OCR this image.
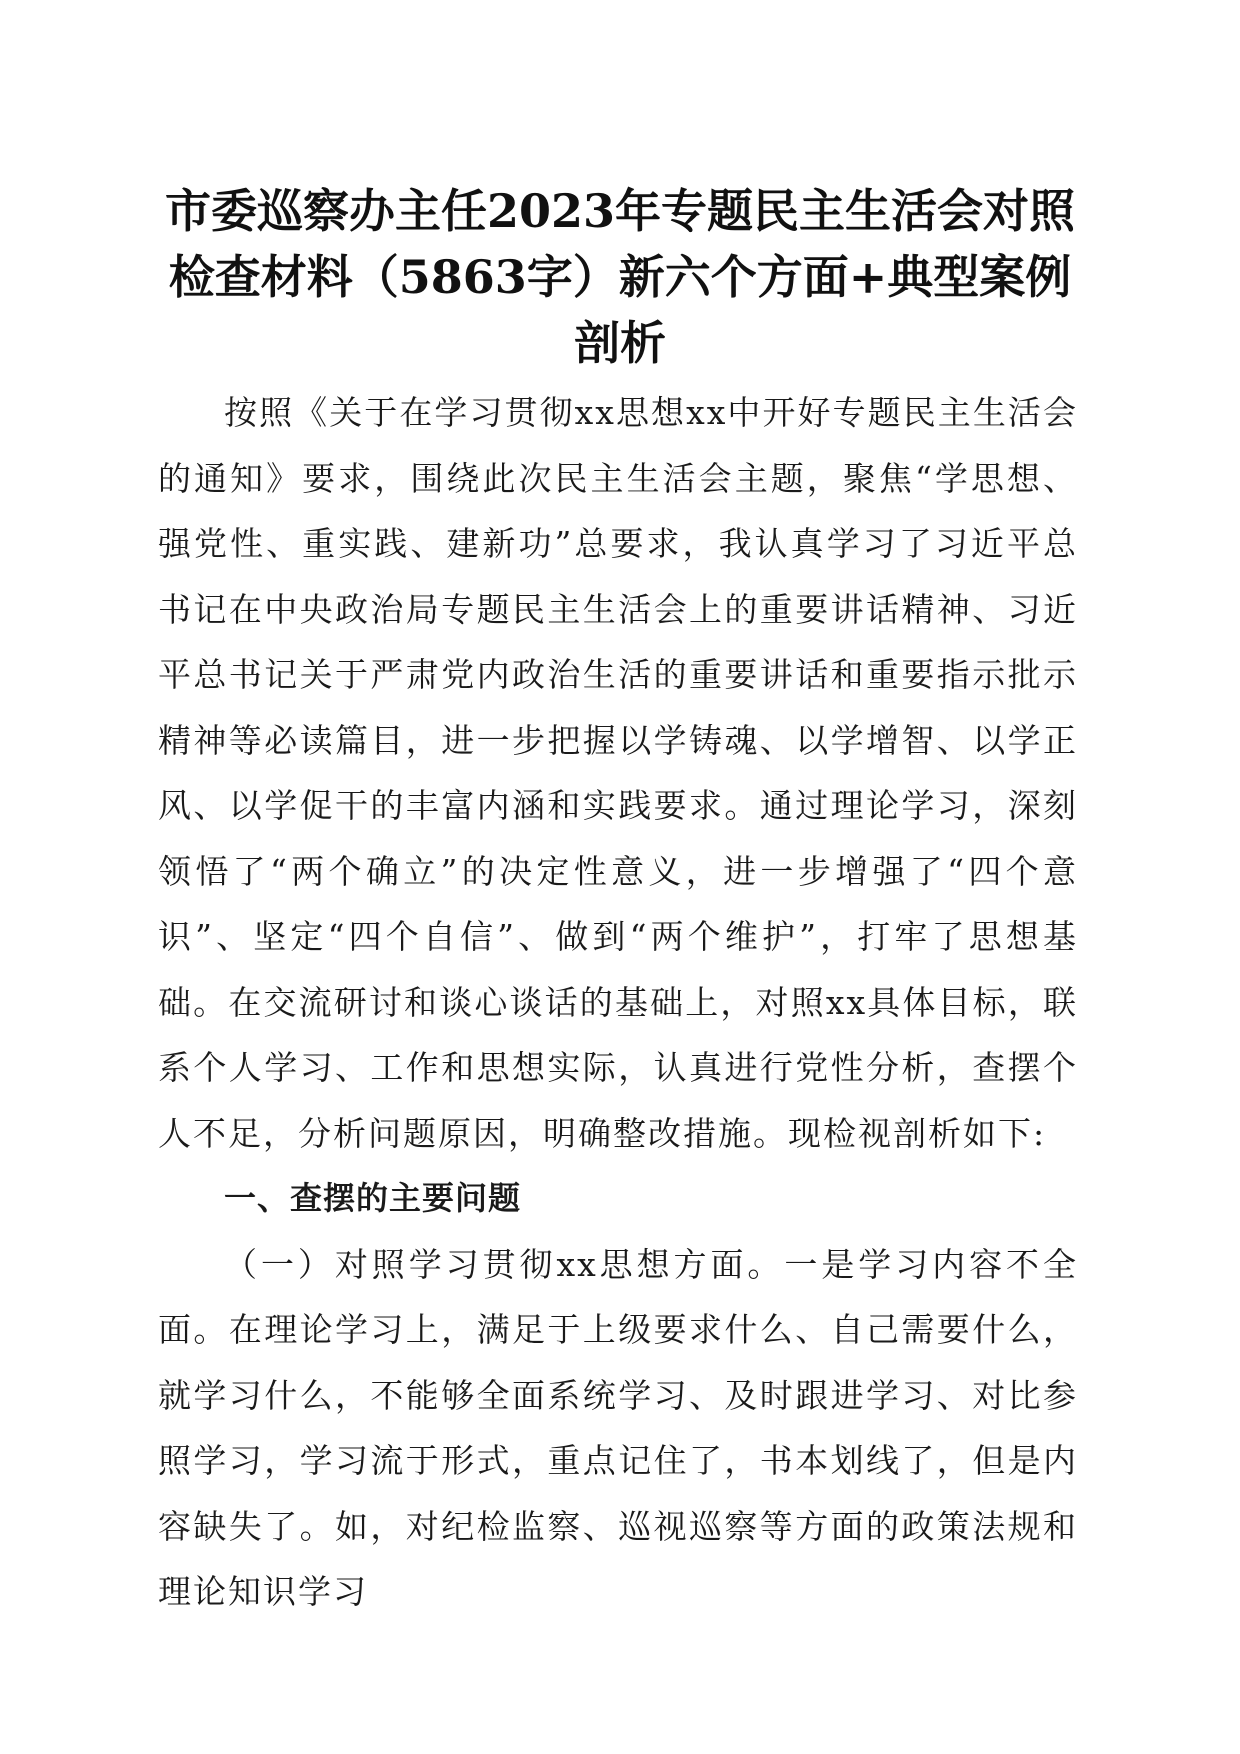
市委巡察办主任2023年专题民主生活会对照检查材料（5863字）新六个方面+典型案例剖析

按照《关于在学习贯彻xx思想xx中开好专题民主生活会的通知》要求，围绕此次民主生活会主题，聚焦“学思想、强党性、重实践、建新功”总要求，我认真学习了习近平总书记在中央政治局专题民主生活会上的重要讲话精神、习近平总书记关于严肃党内政治生活的重要讲话和重要指示批示精神等必读篇目，进一步把握以学铸魂、以学增智、以学正风、以学促干的丰富内涵和实践要求。通过理论学习，深刻领悟了“两个确立”的决定性意义，进一步增强了“四个意识”、坚定“四个自信”、做到“两个维护”，打牢了思想基础。在交流研讨和谈心谈话的基础上，对照xx具体目标，联系个人学习、工作和思想实际，认真进行党性分析，查摆个人不足，分析问题原因，明确整改措施。现检视剖析如下:

一、查摆的主要问题

（一）对照学习贯彻xx思想方面。一是学习内容不全面。在理论学习上，满足于上级要求什么、自己需要什么，就学习什么，不能够全面系统学习、及时跟进学习、对比参照学习，学习流于形式，重点记住了，书本划线了，但是内容缺失了。如，对纪检监察、巡视巡察等方面的政策法规和理论知识学习
